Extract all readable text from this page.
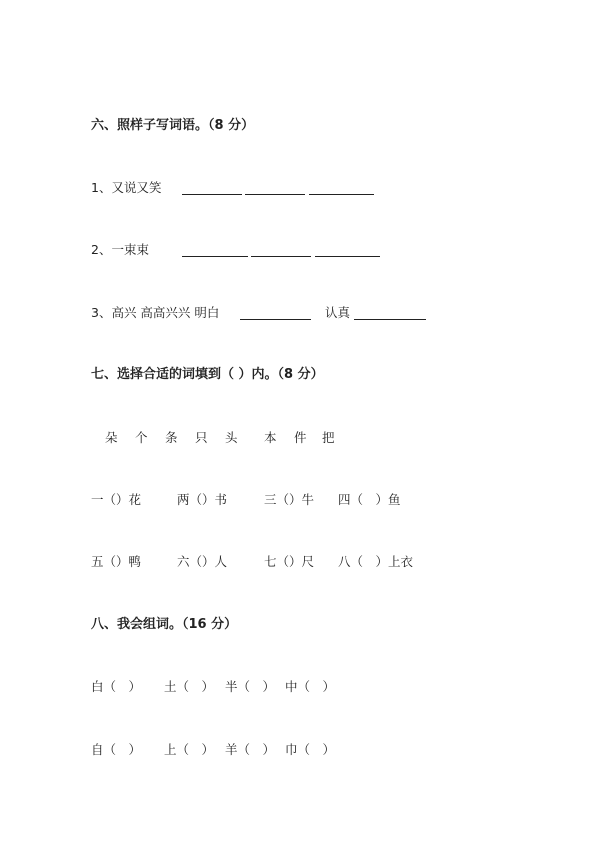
六、照样子写词语。（8 分）
1、又说又笑
2、一束束
3、高兴 高高兴兴 明白	认真
七、选择合适的词填到（ ）内。（8 分）
朵 个 条 只 头 本 件 把
一（）花	两（）书	三（）牛 四（　）鱼
五（）鸭	六（）人	七（）尺 八（　）上衣
八、我会组词。（16 分）
白（　） 土（　） 半（　） 中（　）
自（　） 上（　） 羊（　） 巾（　）
